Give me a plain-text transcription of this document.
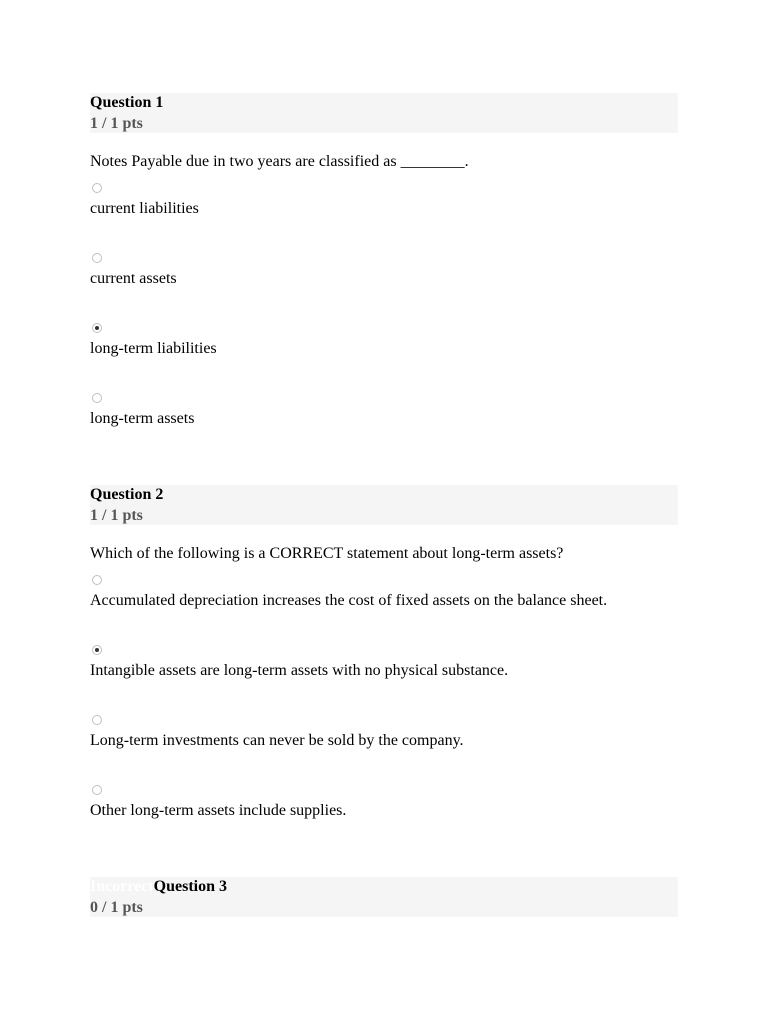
Question 1
1 / 1 pts
Notes Payable due in two years are classified as ________.
current liabilities
current assets
long-term liabilities
long-term assets
Question 2
1 / 1 pts
Which of the following is a CORRECT statement about long-term assets?
Accumulated depreciation increases the cost of fixed assets on the balance sheet.
Intangible assets are long-term assets with no physical substance.
Long-term investments can never be sold by the company.
Other long-term assets include supplies.
IncorrectQuestion 3
0 / 1 pts
